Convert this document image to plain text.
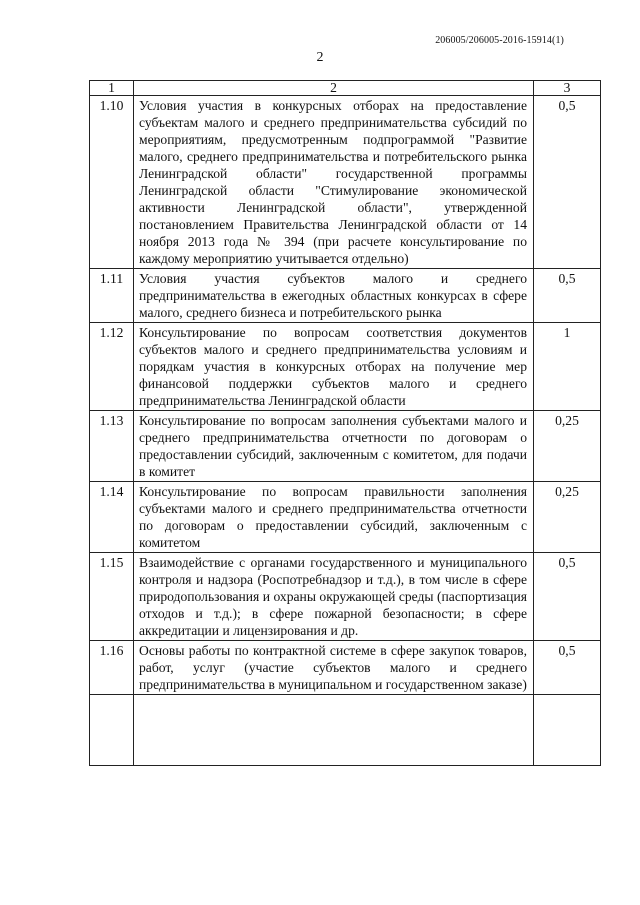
206005/206005-2016-15914(1)
2
1	2	3
1.10	Условия участия в конкурсных отборах на предоставление субъектам малого и среднего предпринимательства субсидий по мероприятиям, предусмотренным подпрограммой "Развитие малого, среднего предпринимательства и потребительского рынка Ленинградской области" государственной программы Ленинградской области "Стимулирование экономической активности Ленинградской области", утвержденной постановлением Правительства Ленинградской области от 14 ноября 2013 года № 394 (при расчете консультирование по каждому мероприятию учитывается отдельно)	0,5
1.11	Условия участия субъектов малого и среднего предпринимательства в ежегодных областных конкурсах в сфере малого, среднего бизнеса и потребительского рынка	0,5
1.12	Консультирование по вопросам соответствия документов субъектов малого и среднего предпринимательства условиям и порядкам участия в конкурсных отборах на получение мер финансовой поддержки субъектов малого и среднего предпринимательства Ленинградской области	1
1.13	Консультирование по вопросам заполнения субъектами малого и среднего предпринимательства отчетности по договорам о предоставлении субсидий, заключенным с комитетом, для подачи в комитет	0,25
1.14	Консультирование по вопросам правильности заполнения субъектами малого и среднего предпринимательства отчетности по договорам о предоставлении субсидий, заключенным с комитетом	0,25
1.15	Взаимодействие с органами государственного и муниципального контроля и надзора (Роспотребнадзор и т.д.), в том числе в сфере природопользования и охраны окружающей среды (паспортизация отходов и т.д.); в сфере пожарной безопасности; в сфере аккредитации и лицензирования и др.	0,5
1.16	Основы работы по контрактной системе в сфере закупок товаров, работ, услуг (участие субъектов малого и среднего предпринимательства в муниципальном и государственном заказе)	0,5
